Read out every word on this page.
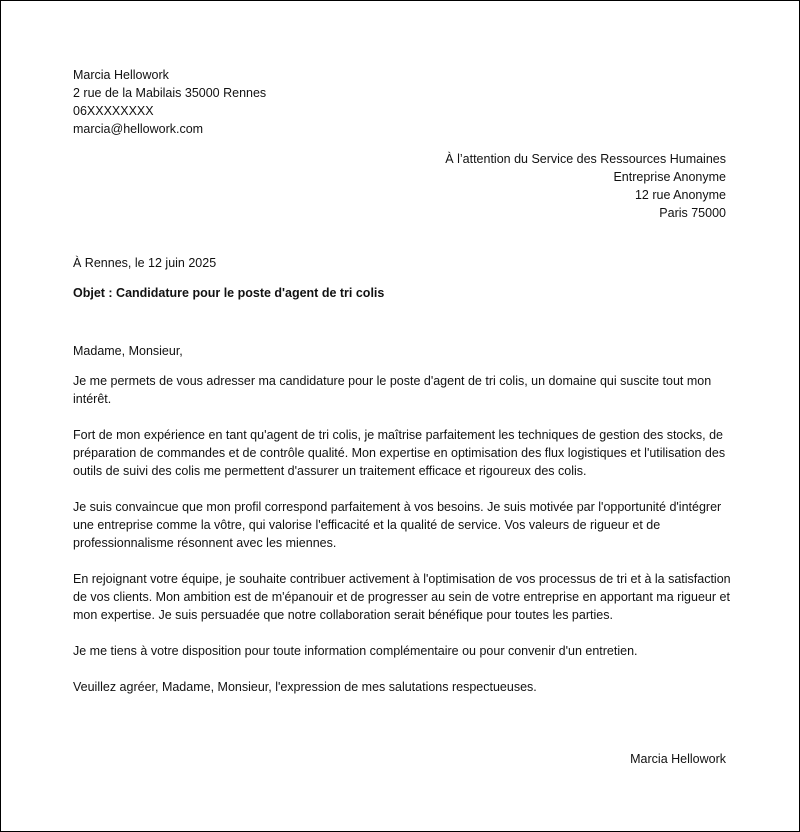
Marcia Hellowork
2 rue de la Mabilais 35000 Rennes
06XXXXXXXX
marcia@hellowork.com
À l’attention du Service des Ressources Humaines
Entreprise Anonyme
12 rue Anonyme
Paris 75000
À Rennes, le 12 juin 2025
Objet : Candidature pour le poste d'agent de tri colis

Madame, Monsieur,

Je me permets de vous adresser ma candidature pour le poste d'agent de tri colis, un domaine qui suscite tout mon intérêt.

Fort de mon expérience en tant qu'agent de tri colis, je maîtrise parfaitement les techniques de gestion des stocks, de préparation de commandes et de contrôle qualité. Mon expertise en optimisation des flux logistiques et l'utilisation des outils de suivi des colis me permettent d'assurer un traitement efficace et rigoureux des colis.

Je suis convaincue que mon profil correspond parfaitement à vos besoins. Je suis motivée par l'opportunité d'intégrer une entreprise comme la vôtre, qui valorise l'efficacité et la qualité de service. Vos valeurs de rigueur et de professionnalisme résonnent avec les miennes.

En rejoignant votre équipe, je souhaite contribuer activement à l'optimisation de vos processus de tri et à la satisfaction de vos clients. Mon ambition est de m'épanouir et de progresser au sein de votre entreprise en apportant ma rigueur et mon expertise. Je suis persuadée que notre collaboration serait bénéfique pour toutes les parties.

Je me tiens à votre disposition pour toute information complémentaire ou pour convenir d'un entretien.

Veuillez agréer, Madame, Monsieur, l'expression de mes salutations respectueuses.

Marcia Hellowork
